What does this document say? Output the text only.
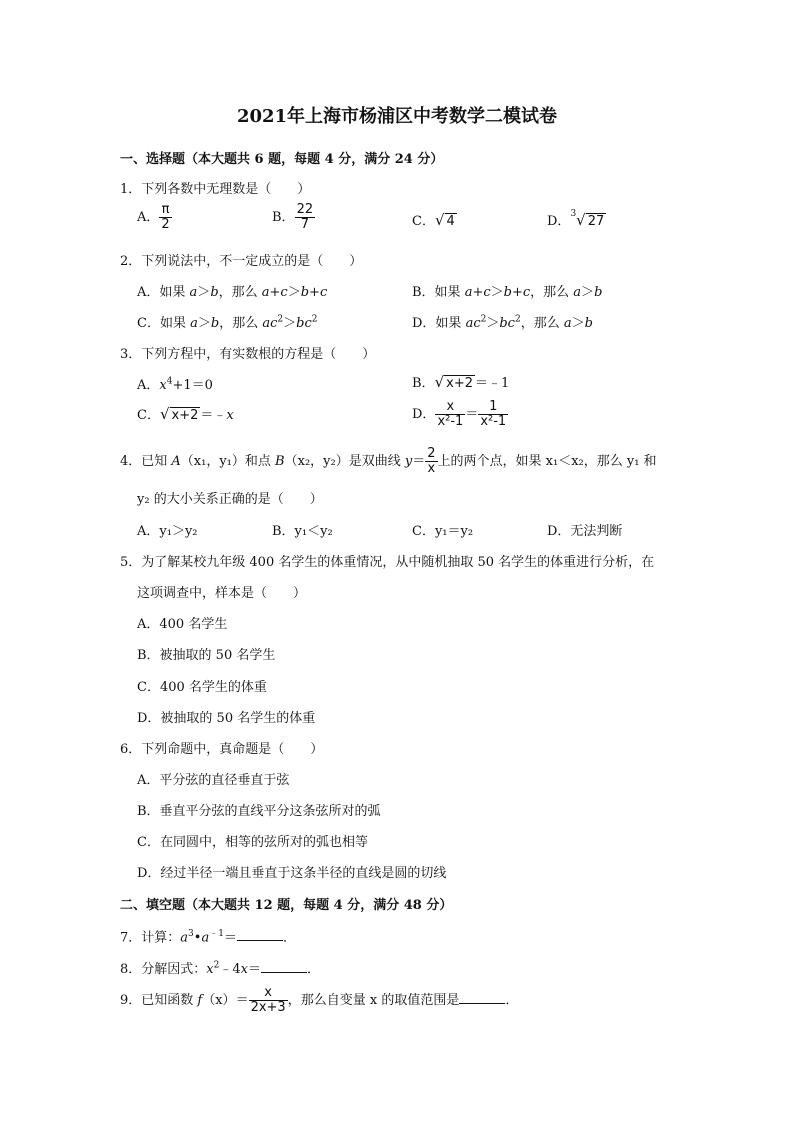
2021年上海市杨浦区中考数学二模试卷
一、选择题（本大题共 6 题，每题 4 分，满分 24 分）
1．下列各数中无理数是（　　）
A． $\frac{\pi}{2}$	B． $\frac{22}{7}$	C．√ 4	D．$^3$√ 27
2．下列说法中，不一定成立的是（　　）
A．如果 a＞b，那么 a+c＞b+c	B．如果 a+c＞b+c，那么 a＞b
C．如果 a＞b，那么 $ac^2>bc^2$	D．如果 $ac^2>bc^2$，那么 a＞b
3．下列方程中，有实数根的方程是（　　）
A．$x^4+1=0$	B．√ x+2 ＝﹣1
C．√ x+2 ＝﹣x	D． $\frac{x}{\text{x²-1}} = \frac{1}{\text{x²-1}}$
4．已知 A（x₁，y₁）和点 B（x₂，y₂）是双曲线 $y= \frac{2}{x}$ 上的两个点，如果 x₁＜x₂，那么 y₁ 和
y₂ 的大小关系正确的是（　　）
A．y₁＞y₂	B．y₁＜y₂	C．y₁＝y₂	D．无法判断
5．为了解某校九年级 400 名学生的体重情况，从中随机抽取 50 名学生的体重进行分析，在
这项调查中，样本是（　　）
A．400 名学生
B．被抽取的 50 名学生
C．400 名学生的体重
D．被抽取的 50 名学生的体重
6．下列命题中，真命题是（　　）
A．平分弦的直径垂直于弦
B．垂直平分弦的直线平分这条弦所对的弧
C．在同圆中，相等的弦所对的弧也相等
D．经过半径一端且垂直于这条半径的直线是圆的切线
二、填空题（本大题共 12 题，每题 4 分，满分 48 分）
7．计算：$a^3•a^{﹣1}=$	．
8．分解因式：$x^2﹣4x=$	．
9．已知函数 $f(x)= \frac{x}{2x+3}$ ，那么自变量 x 的取值范围是	．
